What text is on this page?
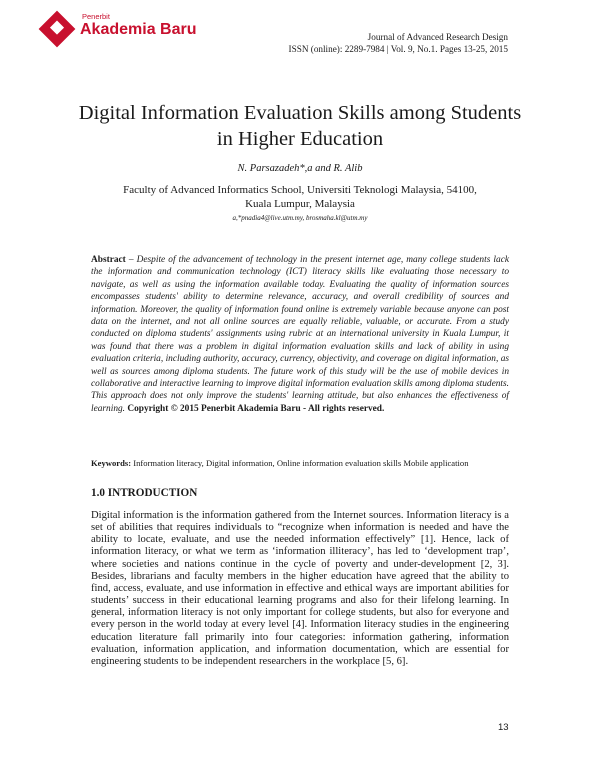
Penerbit
Akademia Baru	Journal of Advanced Research Design
ISSN (online): 2289-7984 | Vol. 9, No.1. Pages 13-25, 2015
Digital Information Evaluation Skills among Students in Higher Education
N. Parsazadeh*,a and R. Alib
Faculty of Advanced Informatics School, Universiti Teknologi Malaysia, 54100, Kuala Lumpur, Malaysia
a,*pnadia4@live.utm.my, brosmaha.kl@utm.my
Abstract – Despite of the advancement of technology in the present internet age, many college students lack the information and communication technology (ICT) literacy skills like evaluating those necessary to navigate, as well as using the information available today. Evaluating the quality of information sources encompasses students' ability to determine relevance, accuracy, and overall credibility of sources and information. Moreover, the quality of information found online is extremely variable because anyone can post data on the internet, and not all online sources are equally reliable, valuable, or accurate. From a study conducted on diploma students' assignments using rubric at an international university in Kuala Lumpur, it was found that there was a problem in digital information evaluation skills and lack of ability in using evaluation criteria, including authority, accuracy, currency, objectivity, and coverage on digital information, as well as sources among diploma students. The future work of this study will be the use of mobile devices in collaborative and interactive learning to improve digital information evaluation skills among diploma students. This approach does not only improve the students' learning attitude, but also enhances the effectiveness of learning. Copyright © 2015 Penerbit Akademia Baru - All rights reserved.
Keywords: Information literacy, Digital information, Online information evaluation skills Mobile application
1.0 INTRODUCTION
Digital information is the information gathered from the Internet sources. Information literacy is a set of abilities that requires individuals to “recognize when information is needed and have the ability to locate, evaluate, and use the needed information effectively” [1]. Hence, lack of information literacy, or what we term as ‘information illiteracy’, has led to ‘development trap’, where societies and nations continue in the cycle of poverty and under-development [2, 3]. Besides, librarians and faculty members in the higher education have agreed that the ability to find, access, evaluate, and use information in effective and ethical ways are important abilities for students’ success in their educational learning programs and also for their lifelong learning. In general, information literacy is not only important for college students, but also for everyone and every person in the world today at every level [4]. Information literacy studies in the engineering education literature fall primarily into four categories: information gathering, information evaluation, information application, and information documentation, which are essential for engineering students to be independent researchers in the workplace [5, 6].
13
